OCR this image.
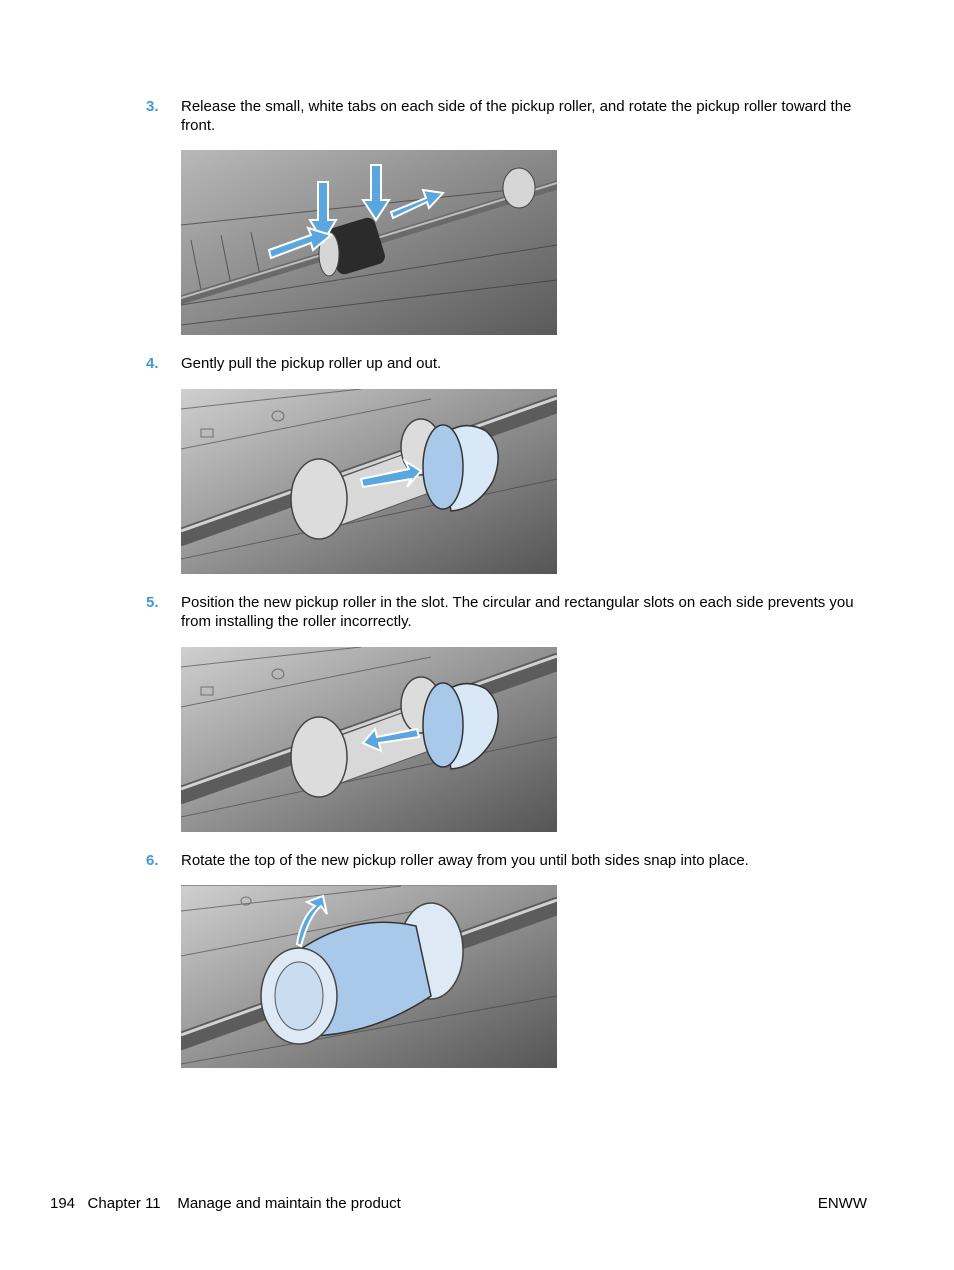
3. Release the small, white tabs on each side of the pickup roller, and rotate the pickup roller toward the front.
4. Gently pull the pickup roller up and out.
5. Position the new pickup roller in the slot. The circular and rectangular slots on each side prevents you from installing the roller incorrectly.
6. Rotate the top of the new pickup roller away from you until both sides snap into place.
194 Chapter 11 Manage and maintain the product	ENWW
